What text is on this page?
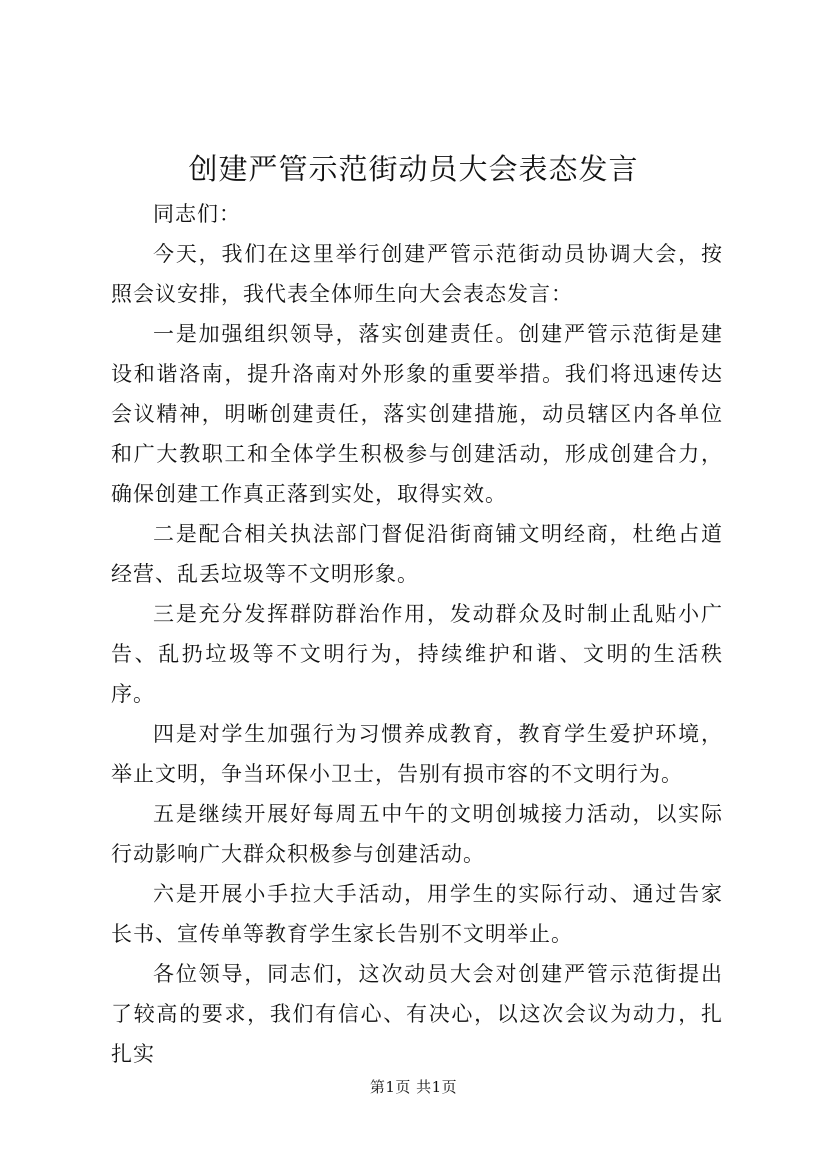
创建严管示范街动员大会表态发言

同志们：

今天，我们在这里举行创建严管示范街动员协调大会，按照会议安排，我代表全体师生向大会表态发言：

一是加强组织领导，落实创建责任。创建严管示范街是建设和谐洛南，提升洛南对外形象的重要举措。我们将迅速传达会议精神，明晰创建责任，落实创建措施，动员辖区内各单位和广大教职工和全体学生积极参与创建活动，形成创建合力，确保创建工作真正落到实处，取得实效。

二是配合相关执法部门督促沿街商铺文明经商，杜绝占道经营、乱丢垃圾等不文明形象。

三是充分发挥群防群治作用，发动群众及时制止乱贴小广告、乱扔垃圾等不文明行为，持续维护和谐、文明的生活秩序。

四是对学生加强行为习惯养成教育，教育学生爱护环境，举止文明，争当环保小卫士，告别有损市容的不文明行为。

五是继续开展好每周五中午的文明创城接力活动，以实际行动影响广大群众积极参与创建活动。

六是开展小手拉大手活动，用学生的实际行动、通过告家长书、宣传单等教育学生家长告别不文明举止。

各位领导，同志们，这次动员大会对创建严管示范街提出了较高的要求，我们有信心、有决心，以这次会议为动力，扎扎实

第1页 共1页
